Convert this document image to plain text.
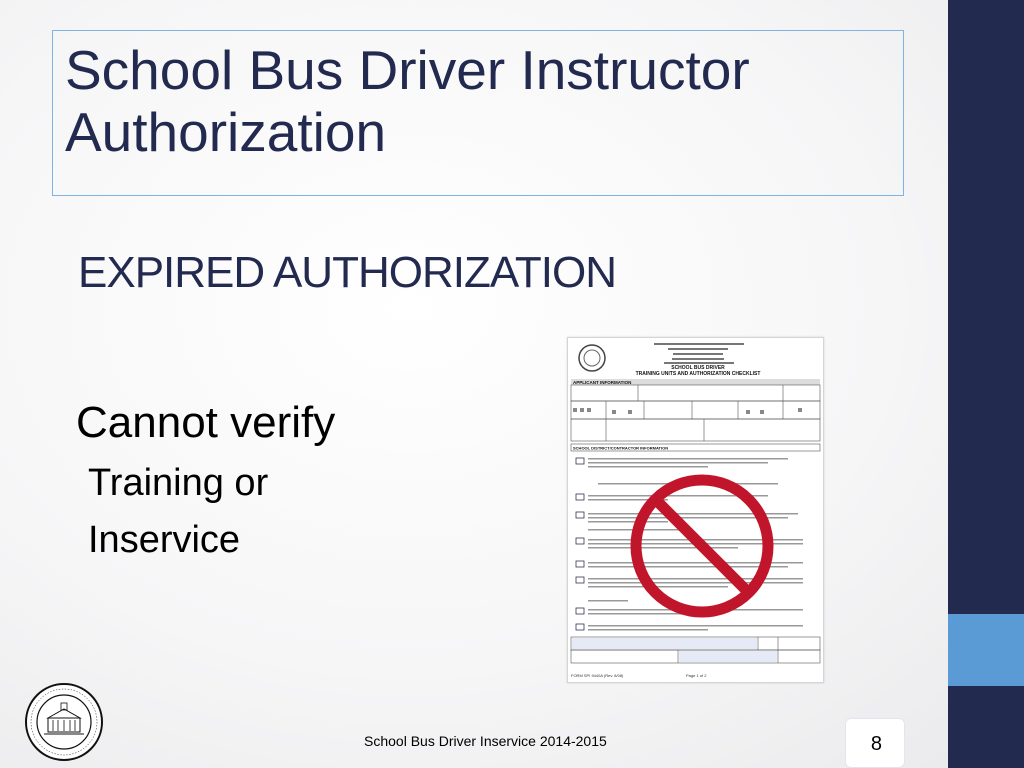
School Bus Driver Instructor Authorization
EXPIRED AUTHORIZATION
Cannot verify
Training or
Inservice
SCHOOL BUS DRIVER
TRAINING UNITS AND AUTHORIZATION CHECKLIST
APPLICANT INFORMATION
SCHOOL DISTRICT/CONTRACTOR INFORMATION
FORM SPI 9440A (Rev. 8/08)	Page 1 of 2
School Bus Driver Inservice 2014-2015	8
